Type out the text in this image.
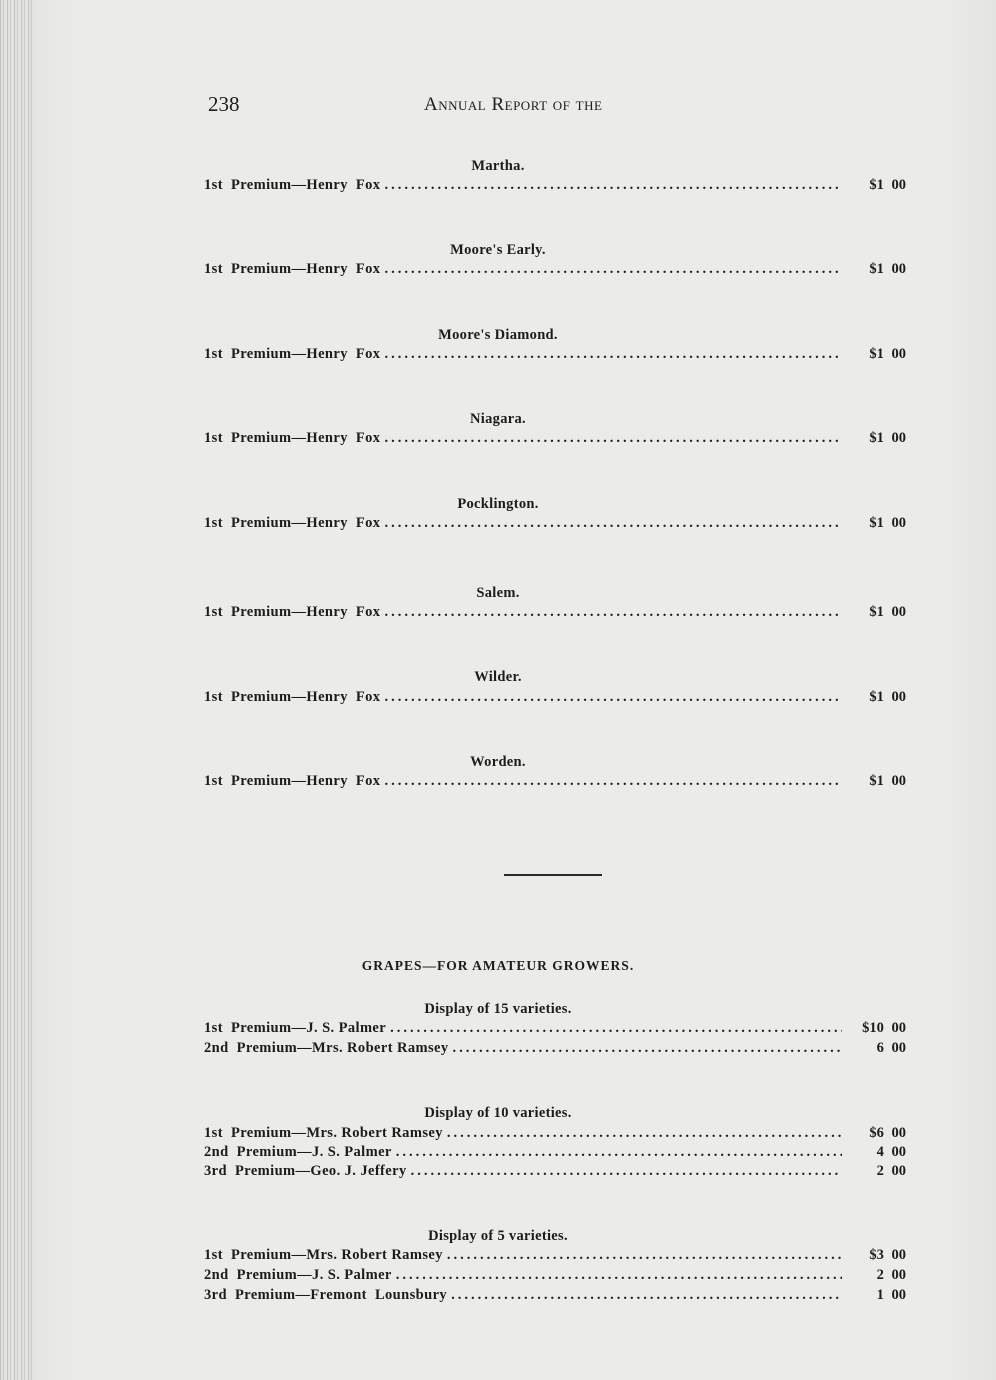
238	Annual Report of the
Martha.
1st  Premium—Henry  Fox .....	$1 00
Moore's Early.
1st  Premium—Henry  Fox .....	$1 00
Moore's Diamond.
1st  Premium—Henry  Fox .....	$1 00
Niagara.
1st  Premium—Henry  Fox .....	$1 00
Pocklington.
1st  Premium—Henry  Fox .....	$1 00
Salem.
1st  Premium—Henry  Fox .....	$1 00
Wilder.
1st  Premium—Henry  Fox .....	$1 00
Worden.
1st  Premium—Henry  Fox .....	$1 00
GRAPES—FOR AMATEUR GROWERS.
Display of 15 varieties.
1st  Premium—J. S. Palmer .....	$10 00
2nd  Premium—Mrs. Robert Ramsey .....	6 00
Display of 10 varieties.
1st  Premium—Mrs. Robert Ramsey .....	$6 00
2nd  Premium—J. S. Palmer .....	4 00
3rd  Premium—Geo. J. Jeffery .....	2 00
Display of 5 varieties.
1st  Premium—Mrs. Robert Ramsey .....	$3 00
2nd  Premium—J. S. Palmer .....	2 00
3rd  Premium—Fremont  Lounsbury .....	1 00
